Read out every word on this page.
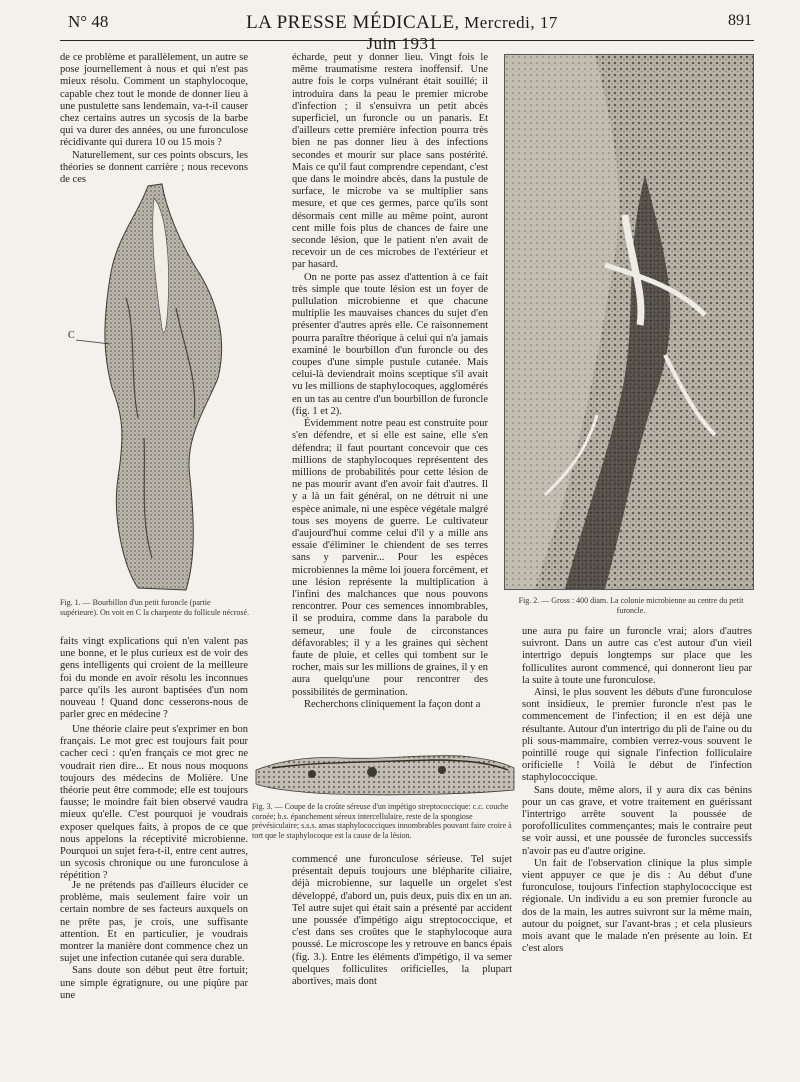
N° 48	LA PRESSE MÉDICALE, Mercredi, 17 Juin 1931
891

de ce problème et parallèlement, un autre se pose journellement à nous et qui n'est pas mieux résolu. Comment un staphylocoque, capable chez tout le monde de donner lieu à une pustulette sans lendemain, va-t-il causer chez certains autres un sycosis de la barbe qui va durer des années, ou une furonculose récidivante qui durera 10 ou 15 mois ?

Naturellement, sur ces points obscurs, les théories se donnent carrière ; nous recevons de ces

C
Fig. 1. — Bourbillon d'un petit furoncle (partie supérieure). On voit en C la charpente du follicule nécrosé.

faits vingt explications qui n'en valent pas une bonne, et le plus curieux est de voir des gens intelligents qui croient de la meilleure foi du monde en avoir résolu les inconnues parce qu'ils les auront baptisées d'un nom nouveau ! Quand donc cesserons-nous de parler grec en médecine ?

Une théorie claire peut s'exprimer en bon français. Le mot grec est toujours fait pour cacher ceci : qu'en français ce mot grec ne voudrait rien dire... Et nous nous moquons toujours des médecins de Molière. Une théorie peut être commode; elle est toujours fausse; le moindre fait bien observé vaudra mieux qu'elle. C'est pourquoi je voudrais exposer quelques faits, à propos de ce que nous appelons la réceptivité microbienne. Pourquoi un sujet fera-t-il, entre cent autres, un sycosis chronique ou une furonculose à répétition ?

Je ne prétends pas d'ailleurs élucider ce problème, mais seulement faire voir un certain nombre de ses facteurs auxquels on ne prête pas, je crois, une suffisante attention. Et en particulier, je voudrais montrer la manière dont commence chez un sujet une infection cutanée qui sera durable.

Sans doute son début peut être fortuit; une simple égratignure, ou une piqûre par une

écharde, peut y donner lieu. Vingt fois le même traumatisme restera inoffensif. Une autre fois le corps vulnérant était souillé; il introduira dans la peau le premier microbe d'infection ; il s'ensuivra un petit abcès superficiel, un furoncle ou un panaris. Et d'ailleurs cette première infection pourra très bien ne pas donner lieu à des infections secondes et mourir sur place sans postérité. Mais ce qu'il faut comprendre cependant, c'est que dans le moindre abcès, dans la pustule de surface, le microbe va se multiplier sans mesure, et que ces germes, parce qu'ils sont désormais cent mille au même point, auront cent mille fois plus de chances de faire une seconde lésion, que le patient n'en avait de recevoir un de ces microbes de l'extérieur et par hasard.

On ne porte pas assez d'attention à ce fait très simple que toute lésion est un foyer de pullulation microbienne et que chacune multiplie les mauvaises chances du sujet d'en présenter d'autres après elle. Ce raisonnement pourra paraître théorique à celui qui n'a jamais examiné le bourbillon d'un furoncle ou des coupes d'une simple pustule cutanée. Mais celui-là deviendrait moins sceptique s'il avait vu les millions de staphylocoques, agglomérés en un tas au centre d'un bourbillon de furoncle (fig. 1 et 2).

Évidemment notre peau est construite pour s'en défendre, et si elle est saine, elle s'en défendra; il faut pourtant concevoir que ces millions de staphylocoques représentent des millions de probabilités pour cette lésion de ne pas mourir avant d'en avoir fait d'autres. Il y a là un fait général, on ne détruit ni une espèce animale, ni une espèce végétale malgré tous ses moyens de guerre. Le cultivateur d'aujourd'hui comme celui d'il y a mille ans essaie d'éliminer le chiendent de ses terres sans y parvenir... Pour les espèces microbiennes la même loi jouera forcément, et une lésion représente la multiplication à l'infini des malchances que nous pouvons rencontrer. Pour ces semences innombrables, il se produira, comme dans la parabole du semeur, une foule de circonstances défavorables; il y a les graines qui sèchent faute de pluie, et celles qui tombent sur le rocher, mais sur les millions de graines, il y en aura quelqu'une pour rencontrer des possibilités de germination.

Recherchons cliniquement la façon dont a

Fig. 2. — Gross : 400 diam. La colonie microbienne au centre du petit furoncle.
Fig. 3. — Coupe de la croûte séreuse d'un impétigo streptococcique: c.c. couche cornée; b.s. épanchement séreux intercellulaire, reste de la spongiose prévésiculaire; s.s.s. amas staphylococciques innombrables pouvant faire croire à tort que le staphylocoque est la cause de la lésion.

commencé une furonculose sérieuse. Tel sujet présentait depuis toujours une blépharite ciliaire, déjà microbienne, sur laquelle un orgelet s'est développé, d'abord un, puis deux, puis dix en un an. Tel autre sujet qui était sain a présenté par accident une poussée d'impétigo aigu streptococcique, et c'est dans ses croûtes que le staphylocoque aura poussé. Le microscope les y retrouve en bancs épais (fig. 3.). Entre les éléments d'impétigo, il va semer quelques folliculites orificielles, la plupart abortives, mais dont

une aura pu faire un furoncle vrai; alors d'autres suivront. Dans un autre cas c'est autour d'un vieil intertrigo depuis longtemps sur place que les folliculites auront commencé, qui donneront lieu par la suite à toute une furonculose.

Ainsi, le plus souvent les débuts d'une furonculose sont insidieux, le premier furoncle n'est pas le commencement de l'infection; il en est déjà une résultante. Autour d'un intertrigo du pli de l'aine ou du pli sous-mammaire, combien verrez-vous souvent le pointillé rouge qui signale l'infection folliculaire orificielle ! Voilà le début de l'infection staphylococcique.

Sans doute, même alors, il y aura dix cas bénins pour un cas grave, et votre traitement en guérissant l'intertrigo arrête souvent la poussée de porofolliculites commençantes; mais le contraire peut se voir aussi, et une poussée de furoncles successifs n'avoir pas eu d'autre origine.

Un fait de l'observation clinique la plus simple vient appuyer ce que je dis : Au début d'une furonculose, toujours l'infection staphylococcique est régionale. Un individu a eu son premier furoncle au dos de la main, les autres suivront sur la même main, autour du poignet, sur l'avant-bras ; et cela plusieurs mois avant que le malade n'en présente au loin. Et c'est alors
